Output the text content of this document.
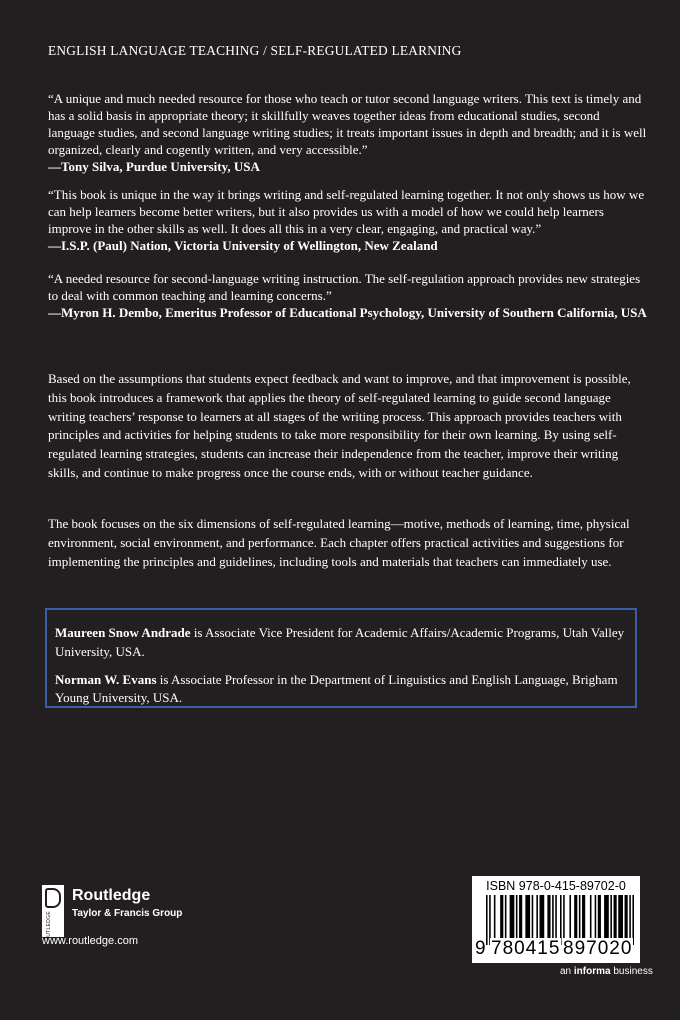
ENGLISH LANGUAGE TEACHING / SELF-REGULATED LEARNING

“A unique and much needed resource for those who teach or tutor second language writers. This text is timely and has a solid basis in appropriate theory; it skillfully weaves together ideas from educational studies, second language studies, and second language writing studies; it treats important issues in depth and breadth; and it is well organized, clearly and cogently written, and very accessible.”

—Tony Silva, Purdue University, USA

“This book is unique in the way it brings writing and self-regulated learning together. It not only shows us how we can help learners become better writers, but it also provides us with a model of how we could help learners improve in the other skills as well. It does all this in a very clear, engaging, and practical way.”

—I.S.P. (Paul) Nation, Victoria University of Wellington, New Zealand

“A needed resource for second-language writing instruction. The self-regulation approach provides new strategies to deal with common teaching and learning concerns.”

—Myron H. Dembo, Emeritus Professor of Educational Psychology, University of Southern California, USA

Based on the assumptions that students expect feedback and want to improve, and that improvement is possible, this book introduces a framework that applies the theory of self-regulated learning to guide second language writing teachers’ response to learners at all stages of the writing process. This approach provides teachers with principles and activities for helping students to take more responsibility for their own learning. By using self-regulated learning strategies, students can increase their independence from the teacher, improve their writing skills, and continue to make progress once the course ends, with or without teacher guidance.

The book focuses on the six dimensions of self-regulated learning—motive, methods of learning, time, physical environment, social environment, and performance. Each chapter offers practical activities and suggestions for implementing the principles and guidelines, including tools and materials that teachers can immediately use.

Maureen Snow Andrade is Associate Vice President for Academic Affairs/Academic Programs, Utah Valley University, USA.

Norman W. Evans is Associate Professor in the Department of Linguistics and English Language, Brigham Young University, USA.

ROUTLEDGE
Routledge
Taylor & Francis Group
www.routledge.com
ISBN 978-0-415-89702-0
9 780415 897020
an informa business
